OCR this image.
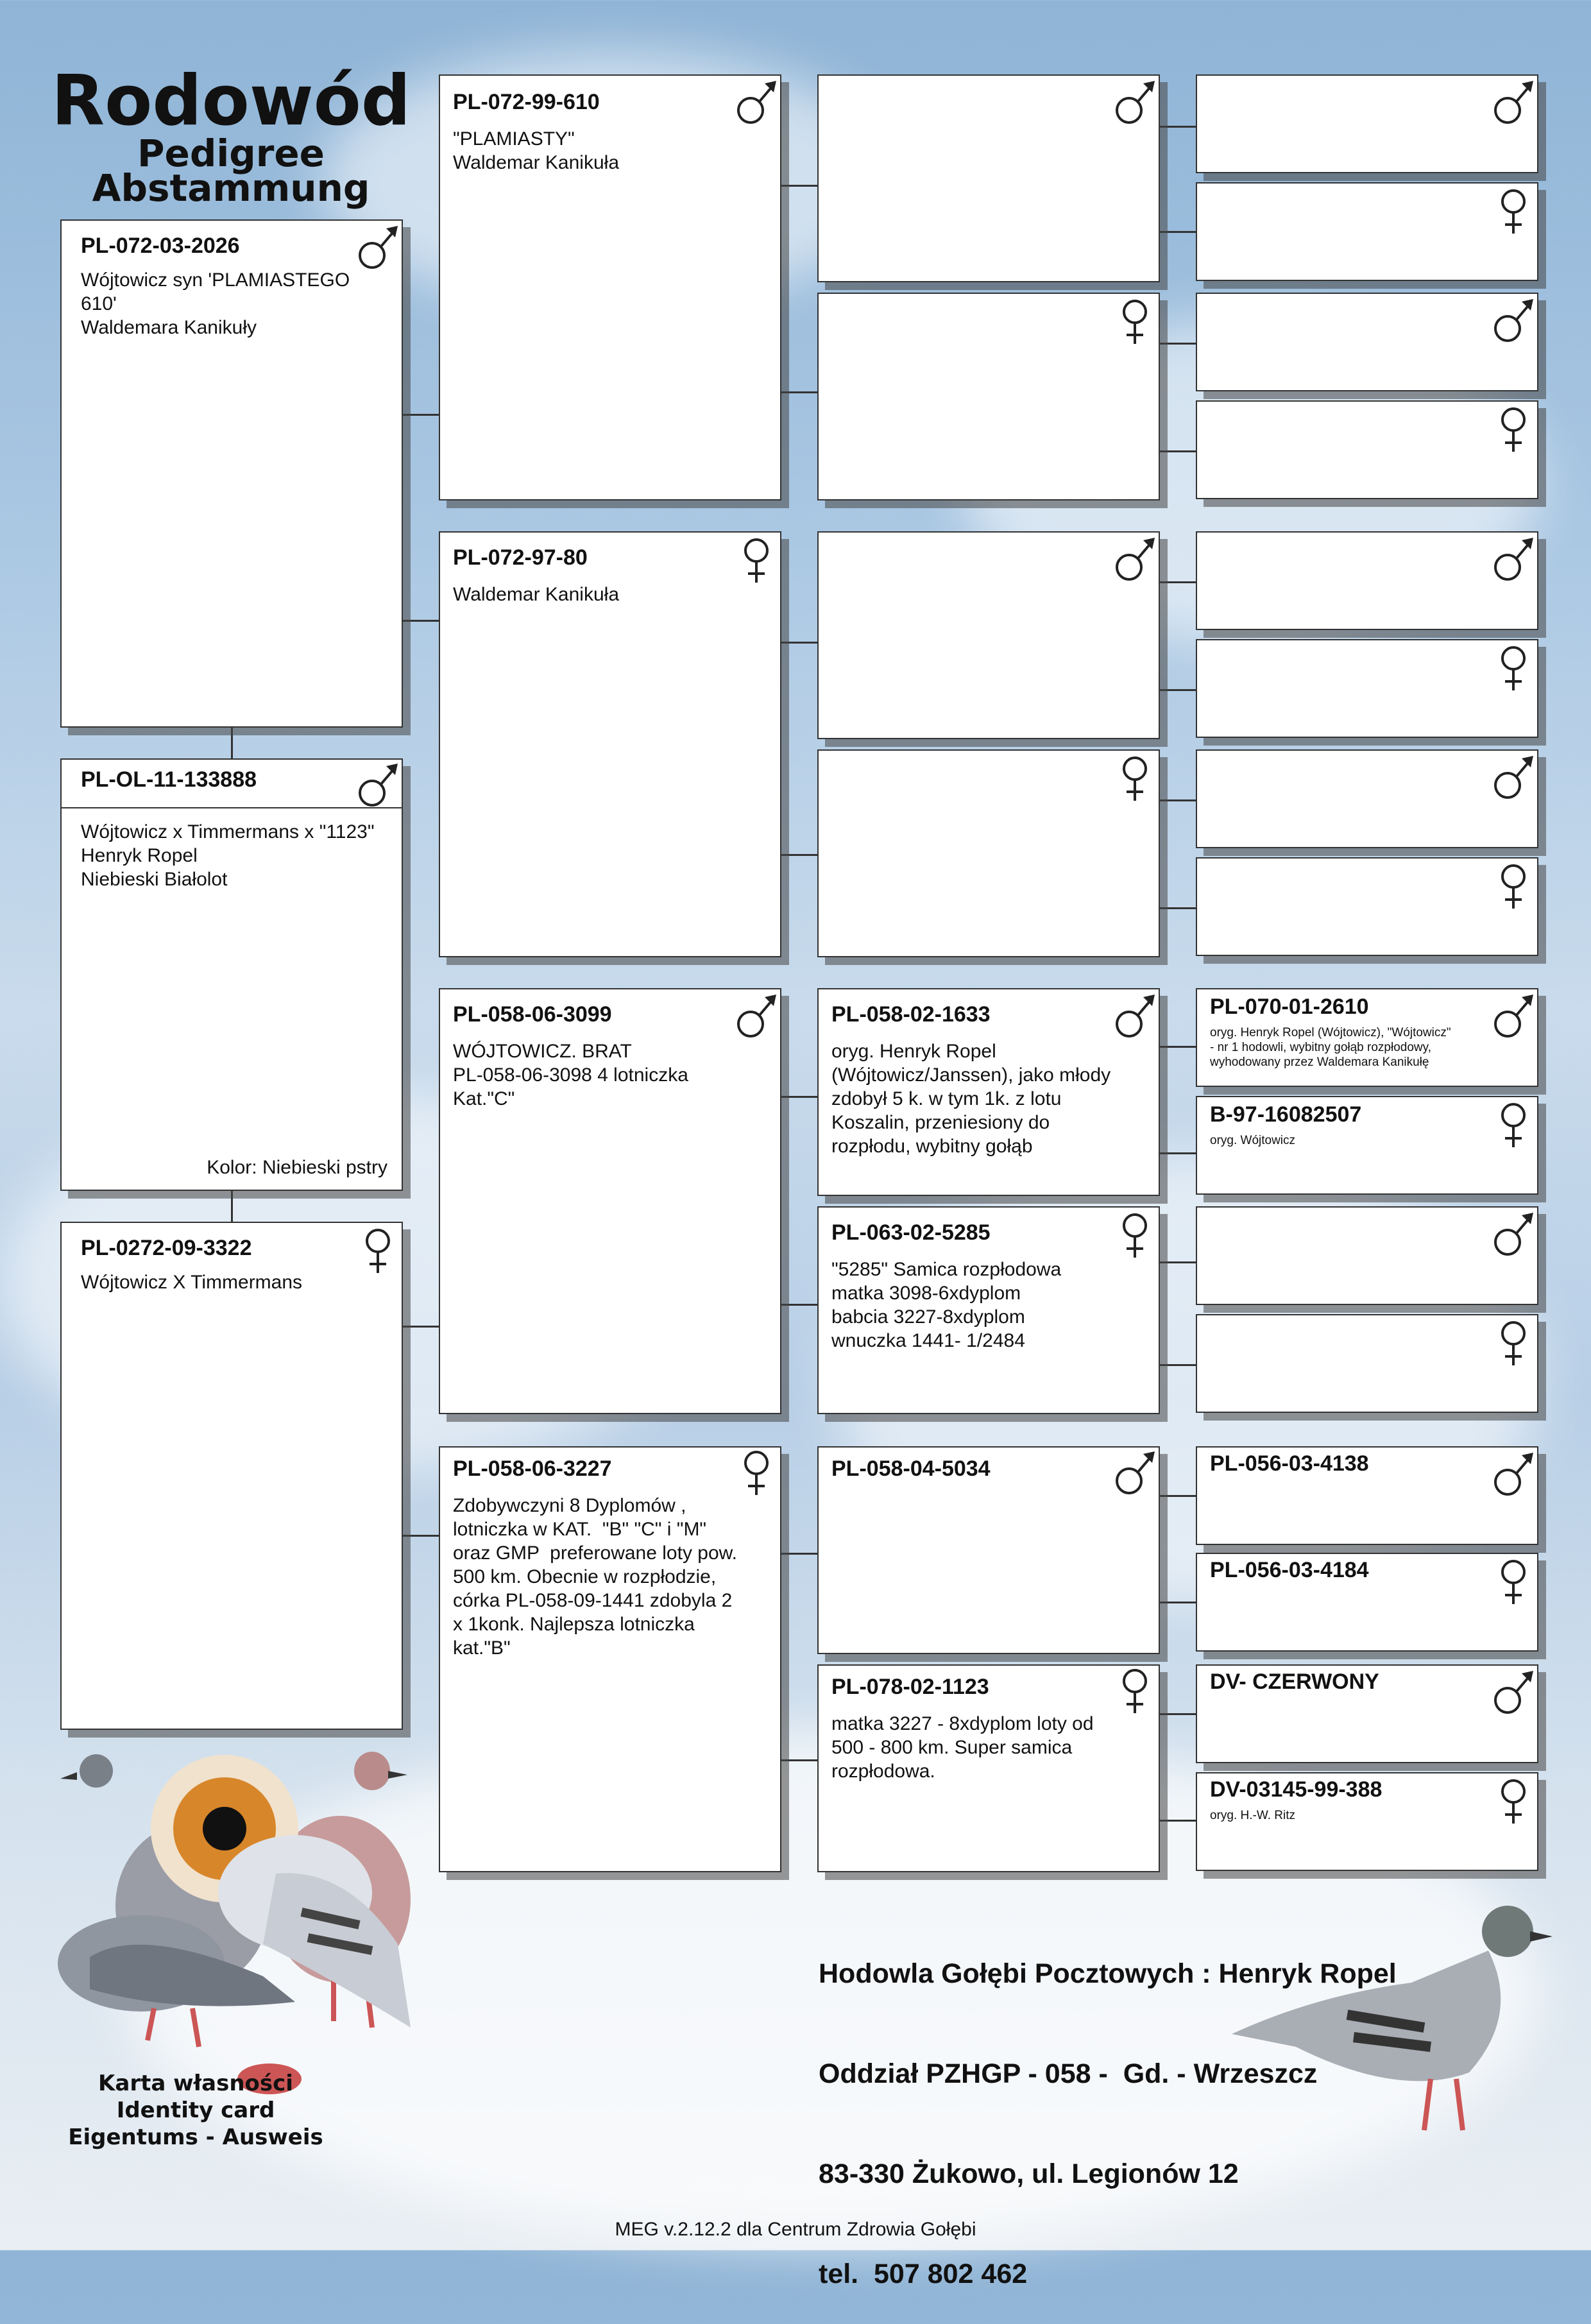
Rodowód
Pedigree
Abstammung
PL-072-03-2026
Wójtowicz syn 'PLAMIASTEGO 610'
Waldemara Kanikuły
PL-OL-11-133888
Wójtowicz x Timmermans x "1123"
Henryk Ropel
Niebieski Białolot
Kolor: Niebieski pstry
PL-0272-09-3322
Wójtowicz X Timmermans
PL-072-99-610
"PLAMIASTY"
Waldemar Kanikuła
PL-072-97-80
Waldemar Kanikuła
PL-058-06-3099
WÓJTOWICZ. BRAT
PL-058-06-3098 4 lotniczka
Kat."C"
PL-058-06-3227
Zdobywczyni 8 Dyplomów ,
lotniczka w KAT.  "B" "C" i "M"
oraz GMP  preferowane loty pow.
500 km. Obecnie w rozpłodzie,
córka PL-058-09-1441 zdobyla 2
x 1konk. Najlepsza lotniczka
kat."B"
PL-058-02-1633
oryg. Henryk Ropel
(Wójtowicz/Janssen), jako młody
zdobył 5 k. w tym 1k. z lotu
Koszalin, przeniesiony do
rozpłodu, wybitny gołąb
PL-063-02-5285
"5285" Samica rozpłodowa
matka 3098-6xdyplom
babcia 3227-8xdyplom
wnuczka 1441- 1/2484
PL-058-04-5034
PL-078-02-1123
matka 3227 - 8xdyplom loty od
500 - 800 km. Super samica
rozpłodowa.
PL-070-01-2610
oryg. Henryk Ropel (Wójtowicz), "Wójtowicz"
- nr 1 hodowli, wybitny gołąb rozpłodowy,
wyhodowany przez Waldemara Kanikułę
B-97-16082507
oryg. Wójtowicz
PL-056-03-4138
PL-056-03-4184
DV- CZERWONY
DV-03145-99-388
oryg. H.-W. Ritz

Hodowla Gołębi Pocztowych : Henryk Ropel

Oddział PZHGP - 058 -  Gd. - Wrzeszcz

83-330 Żukowo, ul. Legionów 12

tel.  507 802 462

Karta własności
Identity card
Eigentums - Ausweis
MEG v.2.12.2 dla Centrum Zdrowia Gołębi
